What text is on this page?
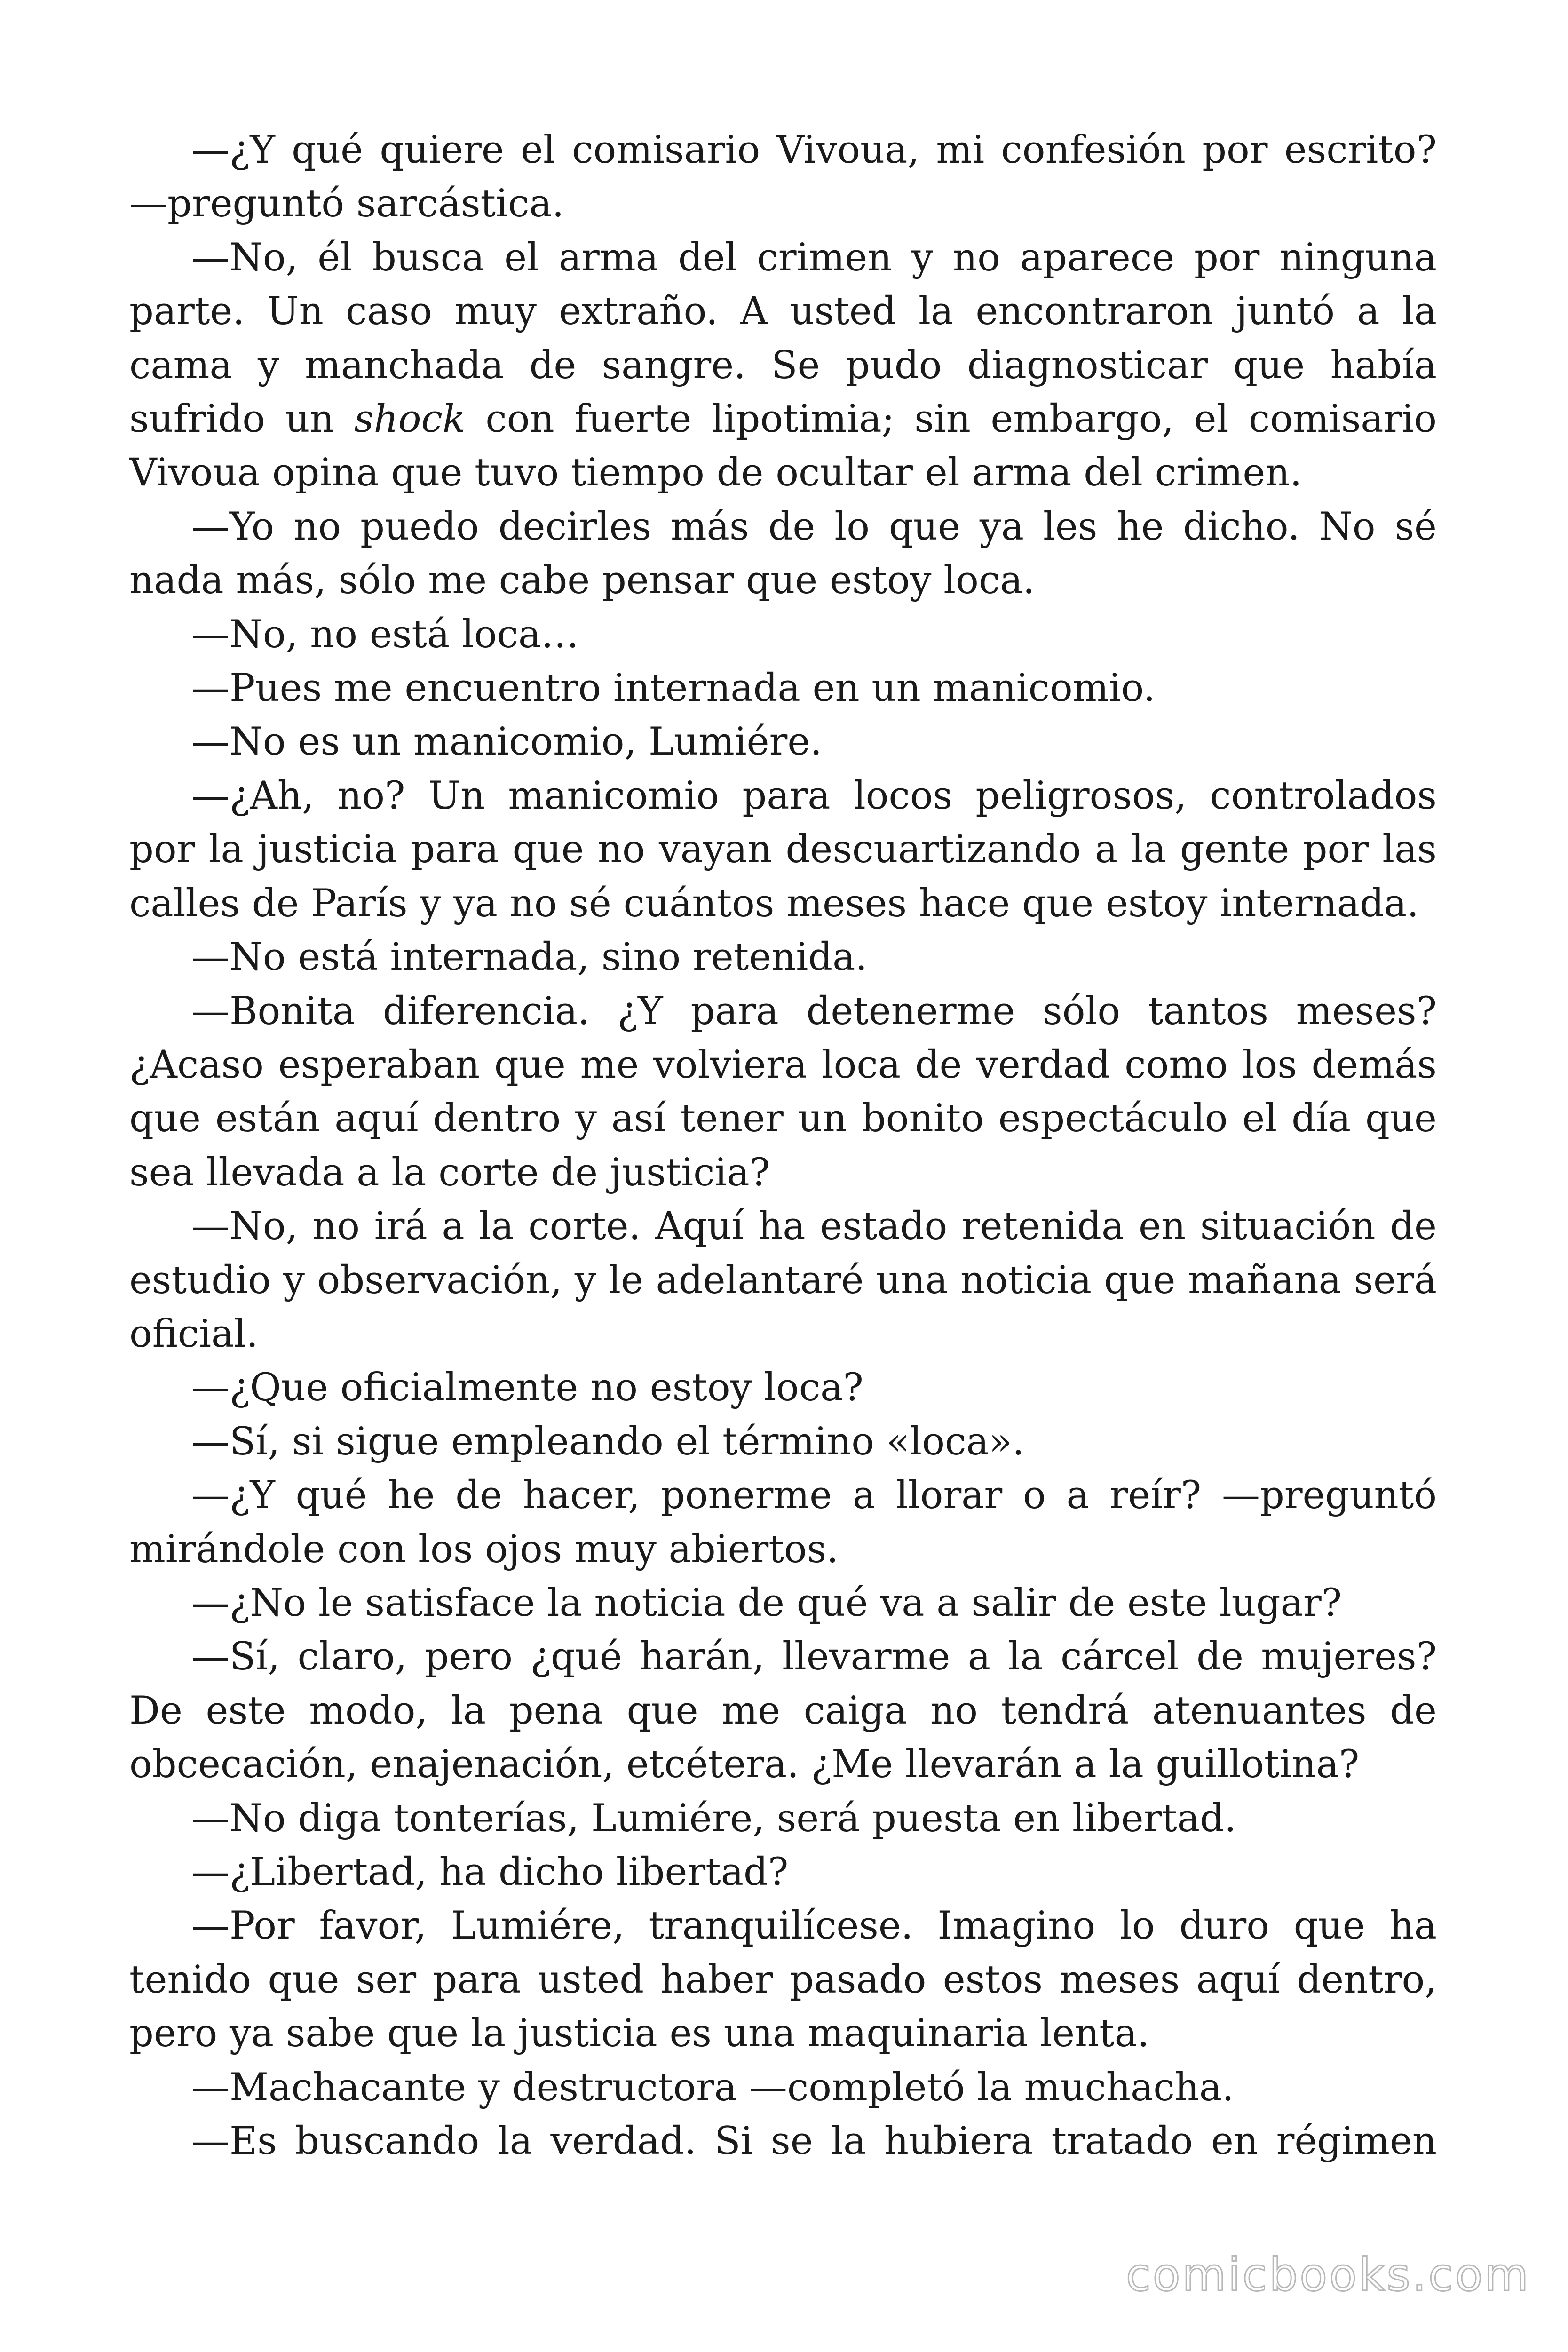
—¿Y qué quiere el comisario Vivoua, mi confesión por escrito? —preguntó sarcástica.

—No, él busca el arma del crimen y no aparece por ninguna parte. Un caso muy extraño. A usted la encontraron juntó a la cama y manchada de sangre. Se pudo diagnosticar que había sufrido un shock con fuerte lipotimia; sin embargo, el comisario Vivoua opina que tuvo tiempo de ocultar el arma del crimen.

—Yo no puedo decirles más de lo que ya les he dicho. No sé nada más, sólo me cabe pensar que estoy loca.

—No, no está loca…

—Pues me encuentro internada en un manicomio.

—No es un manicomio, Lumiére.

—¿Ah, no? Un manicomio para locos peligrosos, controlados por la justicia para que no vayan descuartizando a la gente por las calles de París y ya no sé cuántos meses hace que estoy internada.

—No está internada, sino retenida.

—Bonita diferencia. ¿Y para detenerme sólo tantos meses? ¿Acaso esperaban que me volviera loca de verdad como los demás que están aquí dentro y así tener un bonito espectáculo el día que sea llevada a la corte de justicia?

—No, no irá a la corte. Aquí ha estado retenida en situación de estudio y observación, y le adelantaré una noticia que mañana será oficial.

—¿Que oficialmente no estoy loca?

—Sí, si sigue empleando el término «loca».

—¿Y qué he de hacer, ponerme a llorar o a reír? —preguntó mirándole con los ojos muy abiertos.

—¿No le satisface la noticia de qué va a salir de este lugar?

—Sí, claro, pero ¿qué harán, llevarme a la cárcel de mujeres? De este modo, la pena que me caiga no tendrá atenuantes de obcecación, enajenación, etcétera. ¿Me llevarán a la guillotina?

—No diga tonterías, Lumiére, será puesta en libertad.

—¿Libertad, ha dicho libertad?

—Por favor, Lumiére, tranquilícese. Imagino lo duro que ha tenido que ser para usted haber pasado estos meses aquí dentro, pero ya sabe que la justicia es una maquinaria lenta.

—Machacante y destructora —completó la muchacha.

—Es buscando la verdad. Si se la hubiera tratado en régimen

comicbooks.com
